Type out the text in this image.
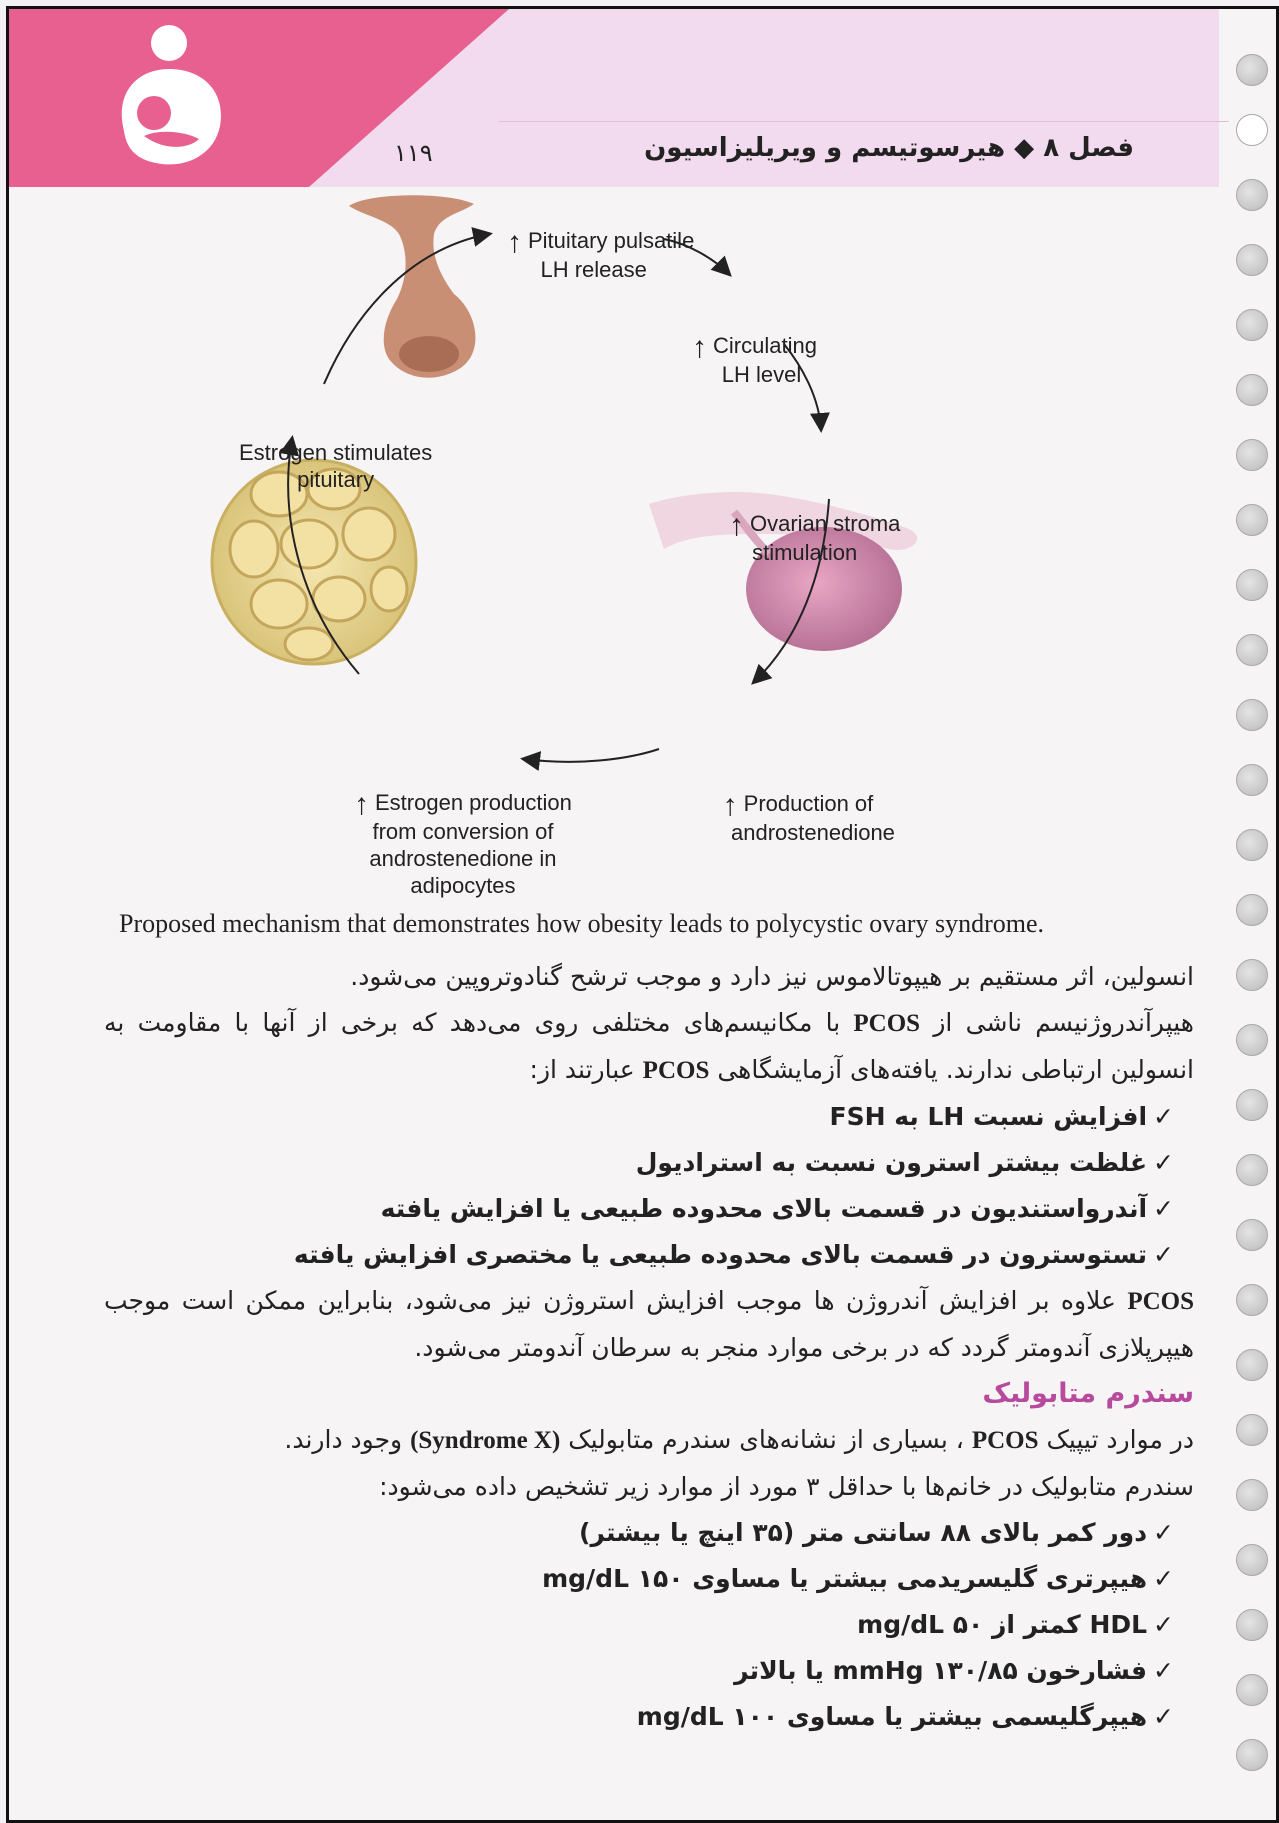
۱۱۹	فصل ۸ ◆ هیرسوتیسم و ویریلیزاسیون
↑ Pituitary pulsatile
LH release
↑ Circulating
LH level
↑ Ovarian stroma
stimulation
↑ Production of
androstenedione
↑ Estrogen production
from conversion of
androstenedione in
adipocytes
Estrogen stimulates
pituitary
Proposed mechanism that demonstrates how obesity leads to polycystic ovary syndrome.

انسولین، اثر مستقیم بر هیپوتالاموس نیز دارد و موجب ترشح گنادوتروپین می‌شود.

هیپرآندروژنیسم ناشی از PCOS با مکانیسم‌های مختلفی روی می‌دهد که برخی از آنها با مقاومت به انسولین ارتباطی ندارند. یافته‌های آزمایشگاهی PCOS عبارتند از:

✓افزایش نسبت LH به FSH
✓غلظت بیشتر استرون نسبت به استرادیول
✓آندرواستندیون در قسمت بالای محدوده طبیعی یا افزایش یافته
✓تستوسترون در قسمت بالای محدوده طبیعی یا مختصری افزایش یافته

PCOS علاوه بر افزایش آندروژن ها موجب افزایش استروژن نیز می‌شود، بنابراین ممکن است موجب هیپرپلازی آندومتر گردد که در برخی موارد منجر به سرطان آندومتر می‌شود.

سندرم متابولیک

در موارد تیپیک PCOS ، بسیاری از نشانه‌های سندرم متابولیک (Syndrome X) وجود دارند.

سندرم متابولیک در خانم‌ها با حداقل ۳ مورد از موارد زیر تشخیص داده می‌شود:

✓دور کمر بالای ۸۸ سانتی متر (۳۵ اینچ یا بیشتر)
✓هیپرتری گلیسریدمی بیشتر یا مساوی ۱۵۰ mg/dL
✓HDL کمتر از ۵۰ mg/dL
✓فشارخون ۱۳۰/۸۵ mmHg یا بالاتر
✓هیپرگلیسمی بیشتر یا مساوی ۱۰۰ mg/dL
